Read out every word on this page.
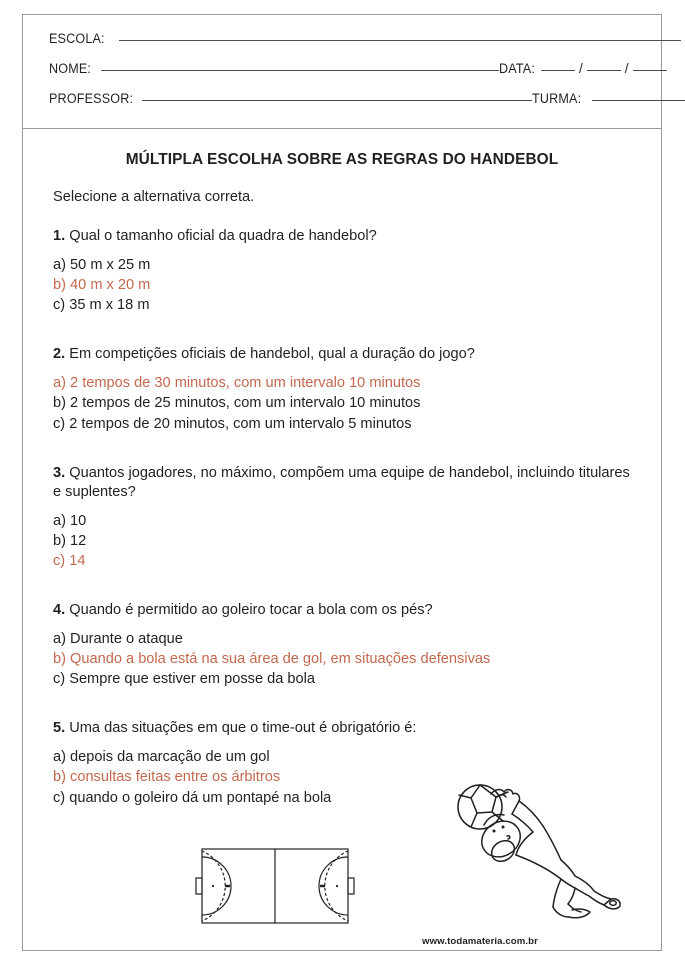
ESCOLA:
NOME:	DATA:	/	/
PROFESSOR:	TURMA:
MÚLTIPLA ESCOLHA SOBRE AS REGRAS DO HANDEBOL

Selecione a alternativa correta.

1. Qual o tamanho oficial da quadra de handebol?

a) 50 m x 25 m
b) 40 m x 20 m
c) 35 m x 18 m

2. Em competições oficiais de handebol, qual a duração do jogo?

a) 2 tempos de 30 minutos, com um intervalo 10 minutos
b) 2 tempos de 25 minutos, com um intervalo 10 minutos
c) 2 tempos de 20 minutos, com um intervalo 5 minutos

3. Quantos jogadores, no máximo, compõem uma equipe de handebol, incluindo titulares e suplentes?

a) 10
b) 12
c) 14

4. Quando é permitido ao goleiro tocar a bola com os pés?

a) Durante o ataque
b) Quando a bola está na sua área de gol, em situações defensivas
c) Sempre que estiver em posse da bola

5. Uma das situações em que o time-out é obrigatório é:

a) depois da marcação de um gol
b) consultas feitas entre os árbitros
c) quando o goleiro dá um pontapé na bola
www.todamateria.com.br
